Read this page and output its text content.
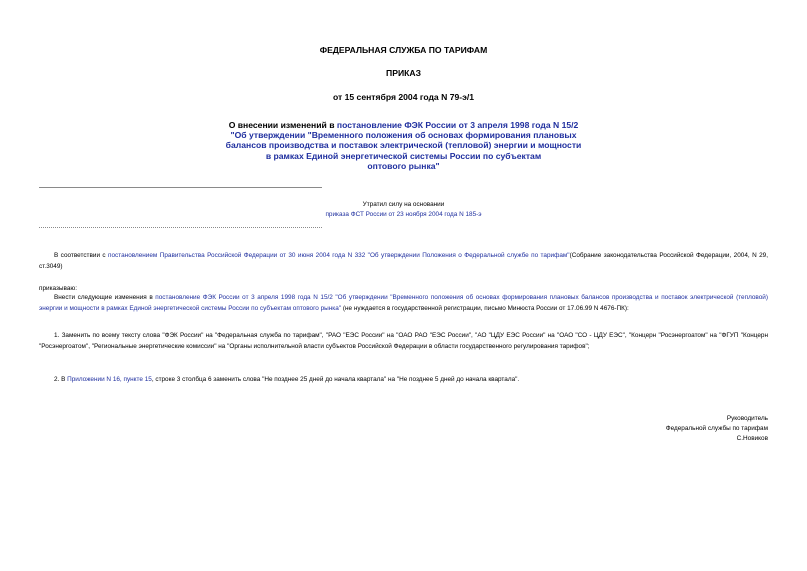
ФЕДЕРАЛЬНАЯ СЛУЖБА ПО ТАРИФАМ
ПРИКАЗ
от 15 сентября 2004 года N 79-э/1
О внесении изменений в постановление ФЭК России от 3 апреля 1998 года N 15/2
"Об утверждении "Временного положения об основах формирования плановых
балансов производства и поставок электрической (тепловой) энергии и мощности
в рамках Единой энергетической системы России по субъектам
оптового рынка"
Утратил силу на основании
приказа ФСТ России от 23 ноября 2004 года N 185-э
В соответствии с постановлением Правительства Российской Федерации от 30 июня 2004 года N 332 "Об утверждении Положения о Федеральной службе по тарифам"(Собрание законодательства Российской Федерации, 2004, N 29, ст.3049)
приказываю:
Внести следующие изменения в постановление ФЭК России от 3 апреля 1998 года N 15/2 "Об утверждении "Временного положения об основах формирования плановых балансов производства и поставок электрической (тепловой) энергии и мощности в рамках Единой энергетической системы России по субъектам оптового рынка" (не нуждается в государственной регистрации, письмо Минюста России от 17.06.99 N 4676-ПК):
1. Заменить по всему тексту слова "ФЭК России" на "Федеральная служба по тарифам", "РАО "ЕЭС России" на "ОАО РАО "ЕЭС России", "АО "ЦДУ ЕЭС России" на "ОАО "СО - ЦДУ ЕЭС", "Концерн "Росэнергоатом" на "ФГУП "Концерн "Росэнергоатом", "Региональные энергетические комиссии" на "Органы исполнительной власти субъектов Российской Федерации в области государственного регулирования тарифов";
2. В Приложении N 16, пункте 15, строке 3 столбца 6 заменить слова "Не позднее 25 дней до начала квартала" на "Не позднее 5 дней до начала квартала".
Руководитель
Федеральной службы по тарифам
С.Новиков
